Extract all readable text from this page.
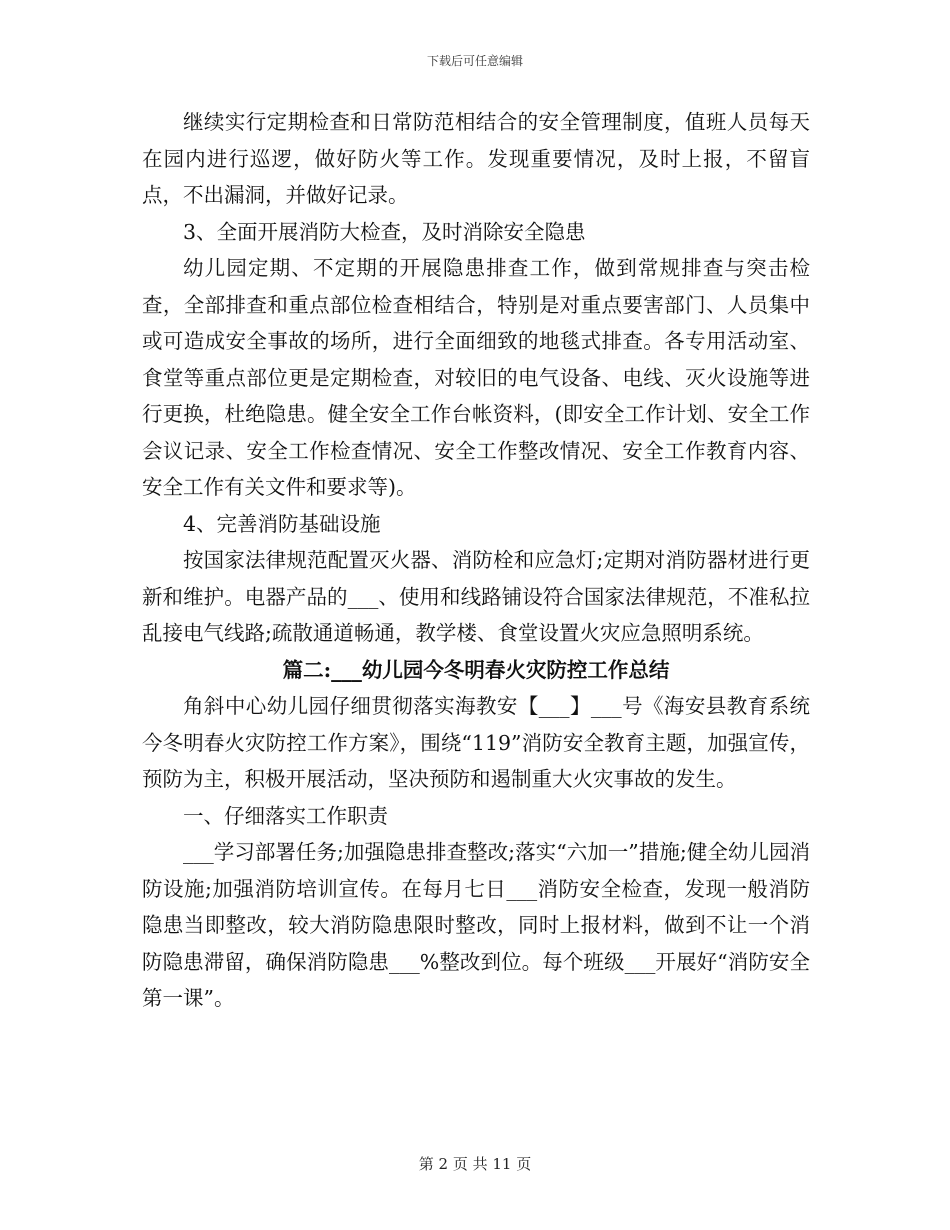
下载后可任意编辑

继续实行定期检查和日常防范相结合的安全管理制度，值班人员每天在园内进行巡逻，做好防火等工作。发现重要情况，及时上报，不留盲点，不出漏洞，并做好记录。

3、全面开展消防大检查，及时消除安全隐患

幼儿园定期、不定期的开展隐患排查工作，做到常规排查与突击检查，全部排查和重点部位检查相结合，特别是对重点要害部门、人员集中或可造成安全事故的场所，进行全面细致的地毯式排查。各专用活动室、食堂等重点部位更是定期检查，对较旧的电气设备、电线、灭火设施等进行更换，杜绝隐患。健全安全工作台帐资料，(即安全工作计划、安全工作会议记录、安全工作检查情况、安全工作整改情况、安全工作教育内容、安全工作有关文件和要求等)。

4、完善消防基础设施

按国家法律规范配置灭火器、消防栓和应急灯;定期对消防器材进行更新和维护。电器产品的___、使用和线路铺设符合国家法律规范，不准私拉乱接电气线路;疏散通道畅通，教学楼、食堂设置火灾应急照明系统。

篇二:___幼儿园今冬明春火灾防控工作总结

角斜中心幼儿园仔细贯彻落实海教安【___】___号《海安县教育系统今冬明春火灾防控工作方案》，围绕“119”消防安全教育主题，加强宣传，预防为主，积极开展活动，坚决预防和遏制重大火灾事故的发生。

一、仔细落实工作职责

___学习部署任务;加强隐患排查整改;落实“六加一”措施;健全幼儿园消防设施;加强消防培训宣传。在每月七日___消防安全检查，发现一般消防隐患当即整改，较大消防隐患限时整改，同时上报材料，做到不让一个消防隐患滞留，确保消防隐患___%整改到位。每个班级___开展好“消防安全第一课”。

第 2 页 共 11 页
